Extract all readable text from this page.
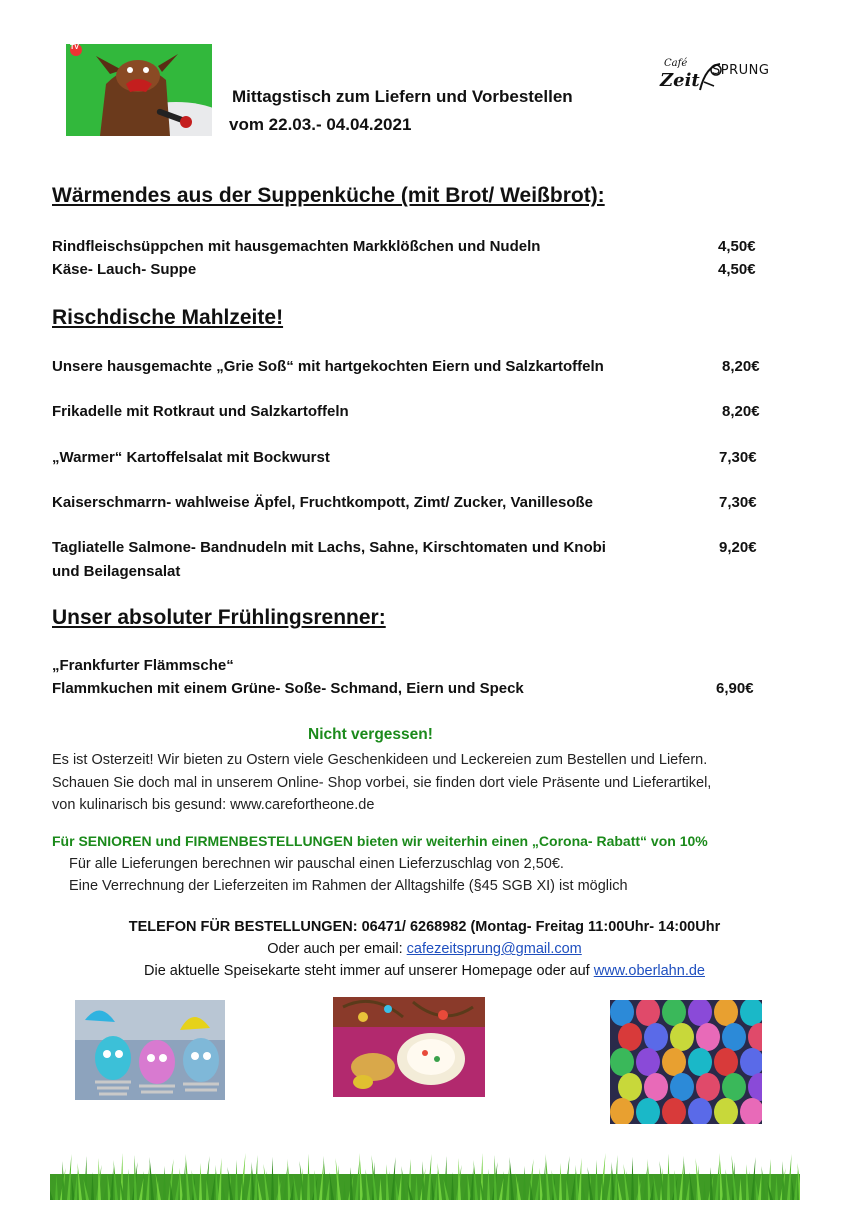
TV
Mittagstisch zum Liefern und Vorbestellen
vom 22.03.- 04.04.2021
Café
Zeit SPRUNG
Wärmendes aus der Suppenküche (mit Brot/ Weißbrot):
Rindfleischsüppchen mit hausgemachten Markklößchen und Nudeln	4,50€
Käse- Lauch- Suppe	4,50€
Rischdische Mahlzeite!
Unsere hausgemachte „Grie Soß“ mit hartgekochten Eiern und Salzkartoffeln	8,20€
Frikadelle mit Rotkraut und Salzkartoffeln	8,20€
„Warmer“ Kartoffelsalat mit Bockwurst	7,30€
Kaiserschmarrn- wahlweise Äpfel, Fruchtkompott, Zimt/ Zucker, Vanillesoße	7,30€
Tagliatelle Salmone- Bandnudeln mit Lachs, Sahne, Kirschtomaten und Knobi
und Beilagensalat
9,20€
Unser absoluter Frühlingsrenner:
„Frankfurter Flämmsche“
Flammkuchen mit einem Grüne- Soße- Schmand, Eiern und Speck	6,90€
Nicht vergessen!
Es ist Osterzeit! Wir bieten zu Ostern viele Geschenkideen und Leckereien zum Bestellen und Liefern.
Schauen Sie doch mal in unserem Online- Shop vorbei, sie finden dort viele Präsente und Lieferartikel,
von kulinarisch bis gesund: www.carefortheone.de
Für SENIOREN und FIRMENBESTELLUNGEN bieten wir weiterhin einen „Corona- Rabatt“ von 10%
Für alle Lieferungen berechnen wir pauschal einen Lieferzuschlag von 2,50€.
Eine Verrechnung der Lieferzeiten im Rahmen der Alltagshilfe (§45 SGB XI) ist möglich
TELEFON FÜR BESTELLUNGEN: 06471/ 6268982 (Montag- Freitag 11:00Uhr- 14:00Uhr
Oder auch per email: cafezeitsprung@gmail.com
Die aktuelle Speisekarte steht immer auf unserer Homepage oder auf www.oberlahn.de
